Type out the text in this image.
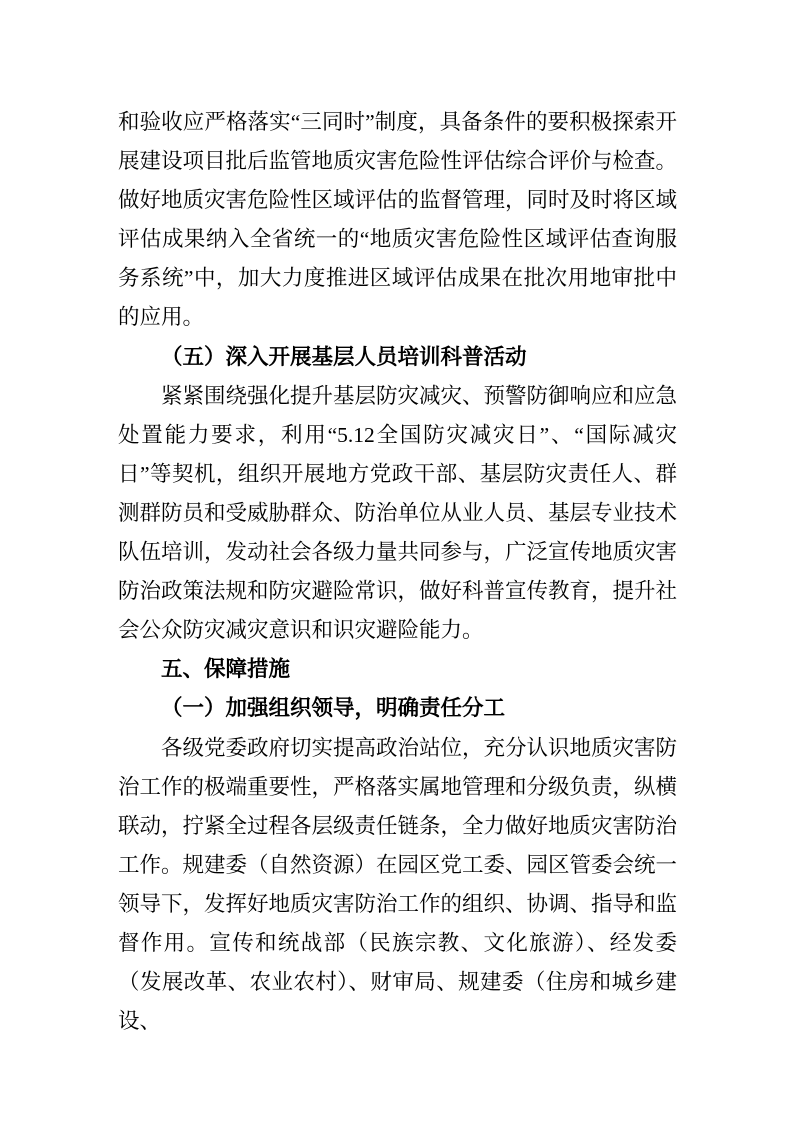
和验收应严格落实“三同时”制度，具备条件的要积极探索开展建设项目批后监管地质灾害危险性评估综合评价与检查。做好地质灾害危险性区域评估的监督管理，同时及时将区域评估成果纳入全省统一的“地质灾害危险性区域评估查询服务系统”中，加大力度推进区域评估成果在批次用地审批中的应用。

（五）深入开展基层人员培训科普活动

紧紧围绕强化提升基层防灾减灾、预警防御响应和应急处置能力要求，利用“5.12全国防灾减灾日”、“国际减灾日”等契机，组织开展地方党政干部、基层防灾责任人、群测群防员和受威胁群众、防治单位从业人员、基层专业技术队伍培训，发动社会各级力量共同参与，广泛宣传地质灾害防治政策法规和防灾避险常识，做好科普宣传教育，提升社会公众防灾减灾意识和识灾避险能力。

五、保障措施

（一）加强组织领导，明确责任分工

各级党委政府切实提高政治站位，充分认识地质灾害防治工作的极端重要性，严格落实属地管理和分级负责，纵横联动，拧紧全过程各层级责任链条，全力做好地质灾害防治工作。规建委（自然资源）在园区党工委、园区管委会统一领导下，发挥好地质灾害防治工作的组织、协调、指导和监督作用。宣传和统战部（民族宗教、文化旅游）、经发委（发展改革、农业农村）、财审局、规建委（住房和城乡建设、
